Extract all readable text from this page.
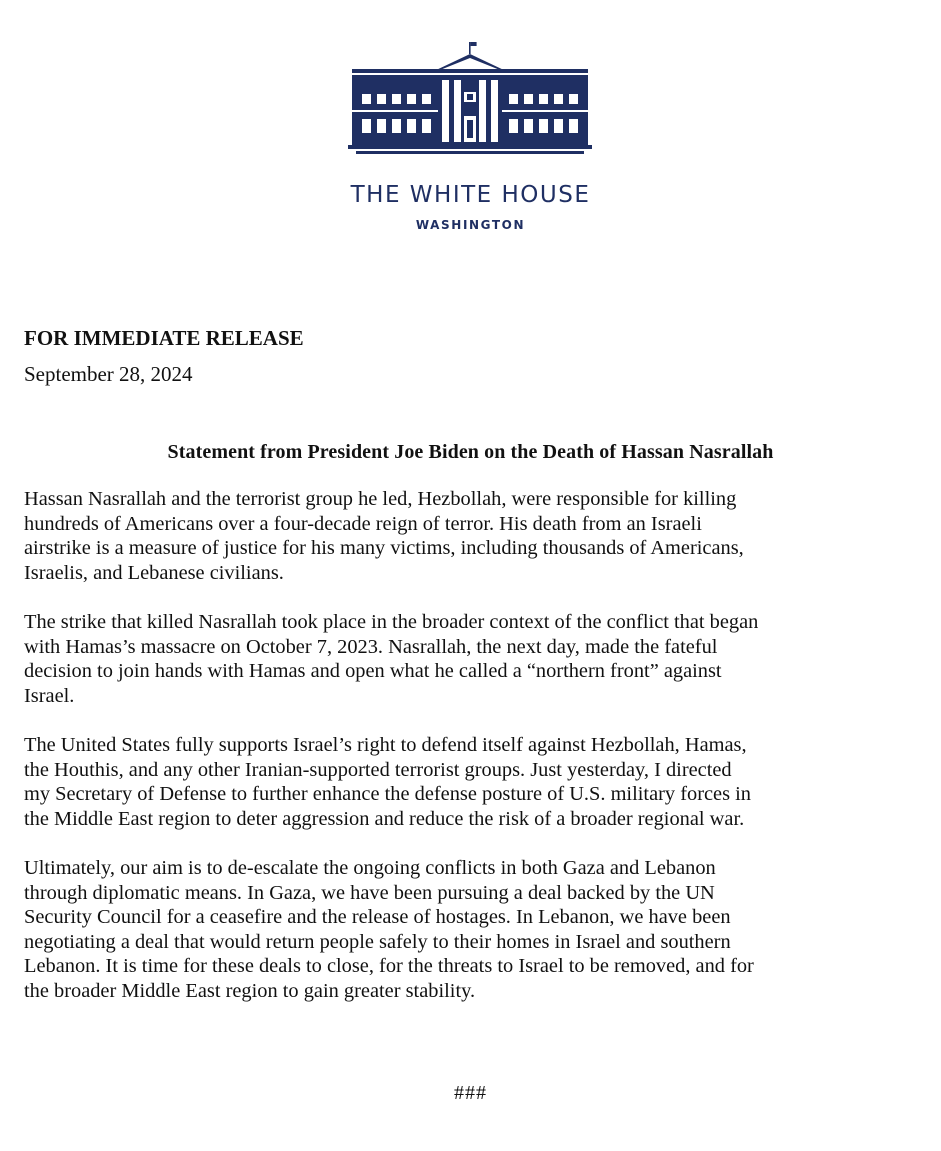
THE WHITE HOUSE
WASHINGTON
FOR IMMEDIATE RELEASE
September 28, 2024
Statement from President Joe Biden on the Death of Hassan Nasrallah

Hassan Nasrallah and the terrorist group he led, Hezbollah, were responsible for killing
hundreds of Americans over a four-decade reign of terror. His death from an Israeli
airstrike is a measure of justice for his many victims, including thousands of Americans,
Israelis, and Lebanese civilians.

The strike that killed Nasrallah took place in the broader context of the conflict that began
with Hamas’s massacre on October 7, 2023. Nasrallah, the next day, made the fateful
decision to join hands with Hamas and open what he called a “northern front” against
Israel.

The United States fully supports Israel’s right to defend itself against Hezbollah, Hamas,
the Houthis, and any other Iranian-supported terrorist groups. Just yesterday, I directed
my Secretary of Defense to further enhance the defense posture of U.S. military forces in
the Middle East region to deter aggression and reduce the risk of a broader regional war.

Ultimately, our aim is to de-escalate the ongoing conflicts in both Gaza and Lebanon
through diplomatic means. In Gaza, we have been pursuing a deal backed by the UN
Security Council for a ceasefire and the release of hostages. In Lebanon, we have been
negotiating a deal that would return people safely to their homes in Israel and southern
Lebanon. It is time for these deals to close, for the threats to Israel to be removed, and for
the broader Middle East region to gain greater stability.

###
